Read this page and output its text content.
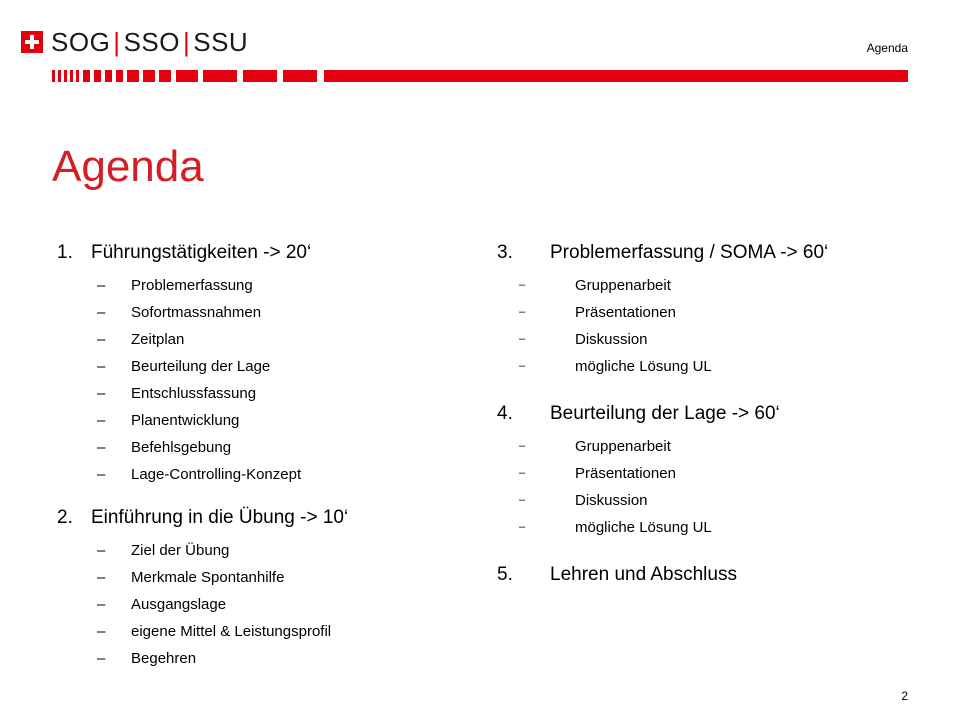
SOG | SSO | SSU	Agenda
Agenda
1. Führungstätigkeiten -> 20‘
–	Problemerfassung
–	Sofortmassnahmen
–	Zeitplan
–	Beurteilung der Lage
–	Entschlussfassung
–	Planentwicklung
–	Befehlsgebung
–	Lage-Controlling-Konzept
2. Einführung in die Übung -> 10‘
–	Ziel der Übung
–	Merkmale Spontanhilfe
–	Ausgangslage
–	eigene Mittel & Leistungsprofil
–	Begehren
3.	Problemerfassung / SOMA -> 60‘
–	Gruppenarbeit
–	Präsentationen
–	Diskussion
–	mögliche Lösung UL
4.	Beurteilung der Lage -> 60‘
–	Gruppenarbeit
–	Präsentationen
–	Diskussion
–	mögliche Lösung UL
5.	Lehren und Abschluss
2
